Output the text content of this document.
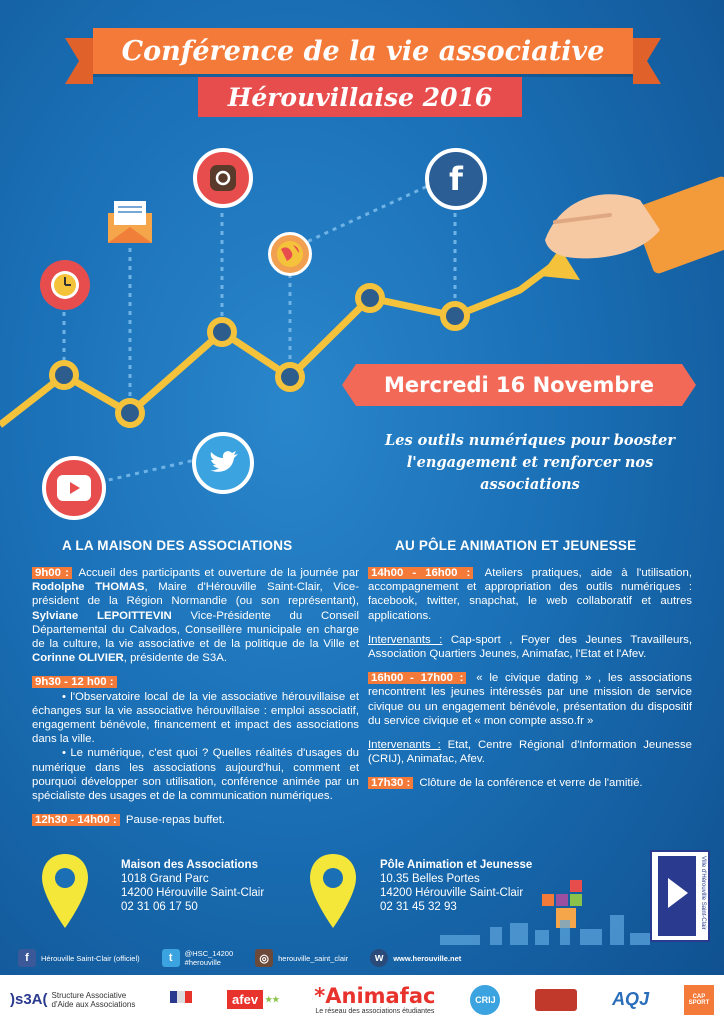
Conférence de la vie associative
Hérouvillaise 2016
f
Mercredi 16 Novembre
Les outils numériques pour booster
l'engagement et renforcer nos associations
A LA MAISON DES ASSOCIATIONS

9h00 : Accueil des participants et ouverture de la journée par Rodolphe THOMAS, Maire d'Hérouville Saint-Clair, Vice-président de la Région Normandie (ou son représentant), Sylviane LEPOITTEVIN Vice-Présidente du Conseil Départemental du Calvados, Conseillère municipale en charge de la culture, la vie associative et de la politique de la Ville et Corinne OLIVIER, présidente de S3A.

9h30 - 12 h00 :
• l'Observatoire local de la vie associative hérouvillaise et échanges sur la vie associative hérouvillaise : emploi associatif, engagement bénévole, financement et impact des associations dans la ville.
• Le numérique, c'est quoi ? Quelles réalités d'usages du numérique dans les associations aujourd'hui, comment et pourquoi développer son utilisation, conférence animée par un spécialiste des usages et de la communication numériques.

12h30 - 14h00 : Pause-repas buffet.

AU PÔLE ANIMATION ET JEUNESSE

14h00 - 16h00 : Ateliers pratiques, aide à l'utilisation, accompagnement et appropriation des outils numériques : facebook, twitter, snapchat, le web collaboratif et autres applications.

Intervenants : Cap-sport , Foyer des Jeunes Travailleurs, Association Quartiers Jeunes, Animafac, l'Etat et l'Afev.

16h00 - 17h00 : « le civique dating » , les associations rencontrent les jeunes intéressés par une mission de service civique ou un engagement bénévole, présentation du dispositif du service civique et « mon compte asso.fr »

Intervenants : Etat, Centre Régional d'Information Jeunesse (CRIJ), Animafac, Afev.

17h30 : Clôture de la conférence et verre de l'amitié.

Maison des Associations
1018 Grand Parc
14200 Hérouville Saint-Clair
02 31 06 17 50
Pôle Animation et Jeunesse
10.35 Belles Portes
14200 Hérouville Saint-Clair
02 31 45 32 93	Ville d'Hérouville Saint-Clair
f	Hérouville Saint-Clair (officiel)	t	@HSC_14200
#herouville	◎	herouville_saint_clair	w	www.herouville.net
)s3A( Structure Associative
d'Aide aux Associations	afev ★★ *Animafac
Le réseau des associations étudiantes
CRIJ	AQJ	CAP SPORT
